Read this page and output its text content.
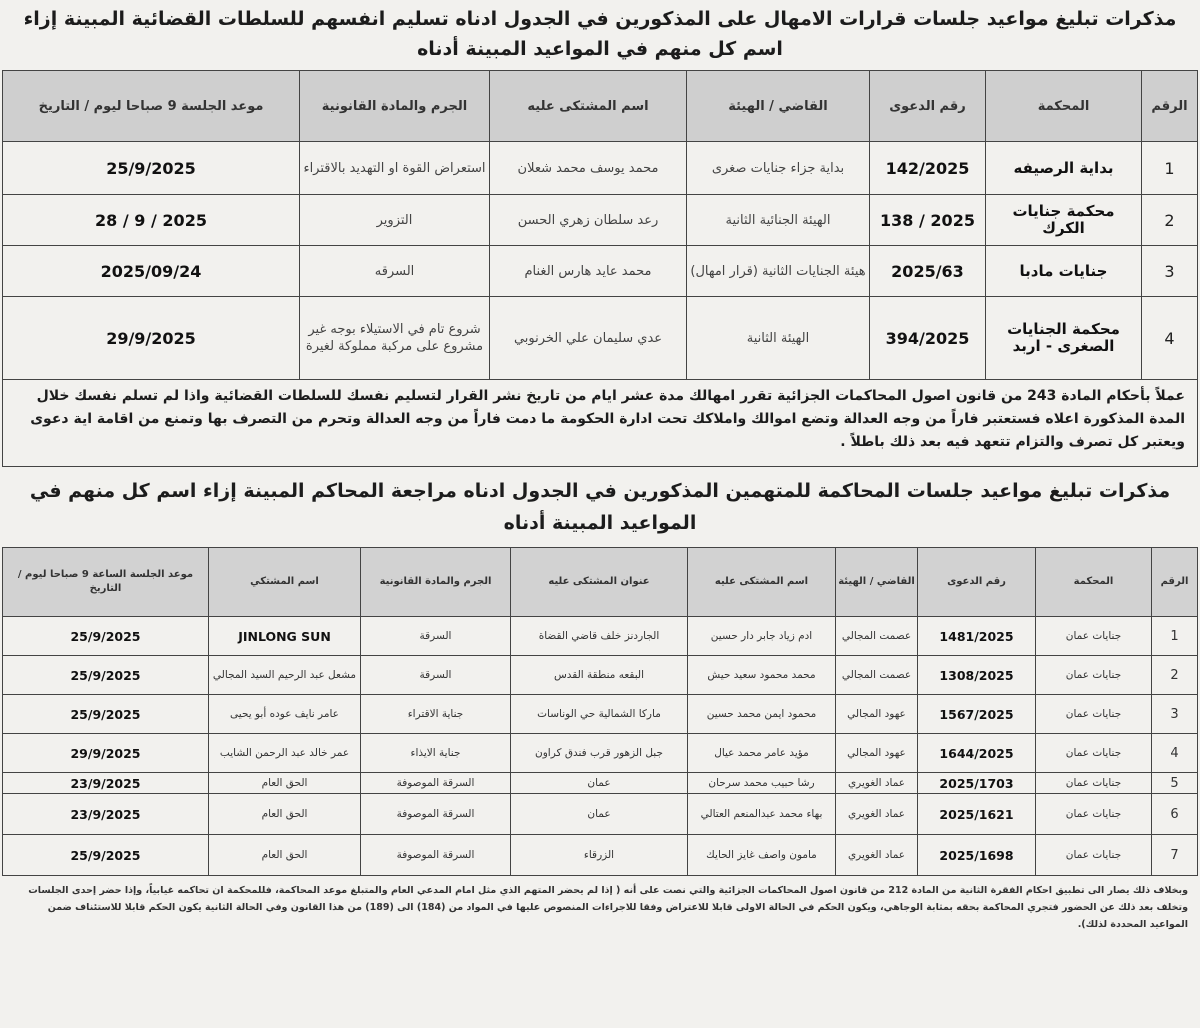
مذكرات تبليغ مواعيد جلسات قرارات الامهال على المذكورين في الجدول ادناه تسليم انفسهم للسلطات القضائية المبينة إزاء اسم كل منهم في المواعيد المبينة أدناه
الرقم	المحكمة	رقم الدعوى	القاضي / الهيئة	اسم المشتكى عليه	الجرم والمادة القانونية	موعد الجلسة 9 صباحا ليوم / التاريخ
1	بداية الرصيفه	142/2025	بداية جزاء جنايات صغرى	محمد يوسف محمد شعلان	استعراض القوة او التهديد بالاقتراء	25/9/2025
2	محكمة جنايات الكرك	2025 / 138	الهيئة الجنائية الثانية	رعد سلطان زهري الحسن	التزوير	2025 / 9 / 28
3	جنايات مادبا	2025/63	هيئة الجنايات الثانية (قرار امهال)	محمد عايد هارس الغنام	السرقه	2025/09/24
4	محكمة الجنايات الصغرى - اربد	394/2025	الهيئة الثانية	عدي سليمان علي الخرنوبي	شروع تام في الاستيلاء بوجه غير مشروع على مركبة مملوكة لغيرة	29/9/2025
عملاً بأحكام المادة 243 من قانون اصول المحاكمات الجزائية تقرر امهالك مدة عشر ايام من تاريخ نشر القرار لتسليم نفسك للسلطات القضائية واذا لم تسلم نفسك خلال المدة المذكورة اعلاه فستعتبر فاراً من وجه العدالة وتضع اموالك واملاكك تحت ادارة الحكومة ما دمت فاراً من وجه العدالة وتحرم من التصرف بها وتمنع من اقامة اية دعوى ويعتبر كل تصرف والتزام تتعهد فيه بعد ذلك باطلاً .
مذكرات تبليغ مواعيد جلسات المحاكمة للمتهمين المذكورين في الجدول ادناه مراجعة المحاكم المبينة إزاء اسم كل منهم في المواعيد المبينة أدناه
الرقم	المحكمة	رقم الدعوى	القاضي / الهيئة	اسم المشتكى عليه	عنوان المشتكى عليه	الجرم والمادة القانونية	اسم المشتكي	موعد الجلسة الساعة 9 صباحا ليوم / التاريخ
1	جنايات عمان	1481/2025	عصمت المجالي	ادم زياد جابر دار حسين	الجاردنز خلف قاضي القضاة	السرقة	JINLONG SUN	25/9/2025
2	جنايات عمان	1308/2025	عصمت المجالي	محمد محمود سعيد حيش	البقعه منطقة القدس	السرقة	مشعل عبد الرحيم السيد المجالي	25/9/2025
3	جنايات عمان	1567/2025	عهود المجالي	محمود ايمن محمد حسين	ماركا الشمالية حي الوناسات	جناية الاقتراء	عامر نايف عوده أبو يحيى	25/9/2025
4	جنايات عمان	1644/2025	عهود المجالي	مؤيد عامر محمد عيال	جبل الزهور قرب فندق كراون	جناية الايذاء	عمر خالد عبد الرحمن الشايب	29/9/2025
5	جنايات عمان	2025/1703	عماد الغويري	رشا حبيب محمد سرحان	عمان	السرقة الموصوفة	الحق العام	23/9/2025
6	جنايات عمان	2025/1621	عماد الغويري	بهاء محمد عبدالمنعم العتالي	عمان	السرقة الموصوفة	الحق العام	23/9/2025
7	جنايات عمان	2025/1698	عماد الغويري	مامون واصف غايز الحايك	الزرقاء	السرقة الموصوفة	الحق العام	25/9/2025
وبخلاف ذلك يصار الى تطبيق احكام الفقرة الثانية من المادة 212 من قانون اصول المحاكمات الجزائية والتي نصت على أنه ( إذا لم يحضر المتهم الذي مثل امام المدعي العام والمتبلغ موعد المحاكمة، فللمحكمة ان تحاكمه غيابياً، وإذا حضر إحدى الجلسات وتخلف بعد ذلك عن الحضور فتجري المحاكمة بحقه بمثابة الوجاهي، ويكون الحكم في الحالة الاولى قابلا للاعتراض وفقا للاجراءات المنصوص عليها في المواد من (184) الى (189) من هذا القانون وفي الحالة الثانية يكون الحكم قابلا للاستئناف ضمن المواعيد المحددة لذلك).
